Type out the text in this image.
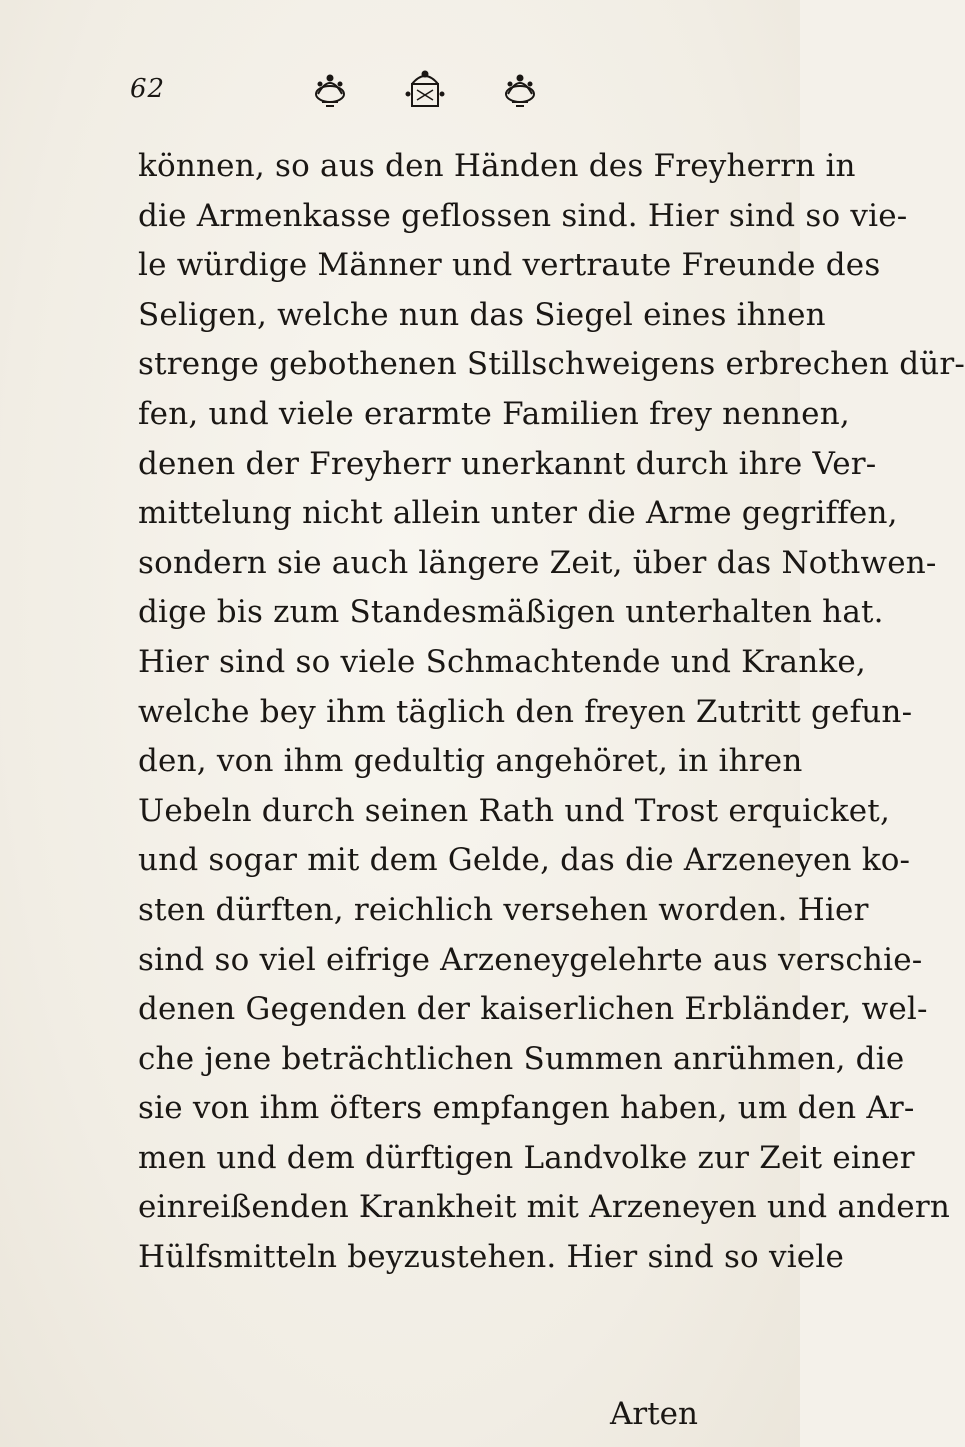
62
können, so aus den Händen des Freyherrn in
die Armenkasse geflossen sind. Hier sind so vie-
le würdige Männer und vertraute Freunde des
Seligen, welche nun das Siegel eines ihnen
strenge gebothenen Stillschweigens erbrechen dür-
fen, und viele erarmte Familien frey nennen,
denen der Freyherr unerkannt durch ihre Ver-
mittelung nicht allein unter die Arme gegriffen,
sondern sie auch längere Zeit, über das Nothwen-
dige bis zum Standesmäßigen unterhalten hat.
Hier sind so viele Schmachtende und Kranke,
welche bey ihm täglich den freyen Zutritt gefun-
den, von ihm gedultig angehöret, in ihren
Uebeln durch seinen Rath und Trost erquicket,
und sogar mit dem Gelde, das die Arzeneyen ko-
sten dürften, reichlich versehen worden. Hier
sind so viel eifrige Arzeneygelehrte aus verschie-
denen Gegenden der kaiserlichen Erbländer, wel-
che jene beträchtlichen Summen anrühmen, die
sie von ihm öfters empfangen haben, um den Ar-
men und dem dürftigen Landvolke zur Zeit einer
einreißenden Krankheit mit Arzeneyen und andern
Hülfsmitteln beyzustehen. Hier sind so viele
Arten
